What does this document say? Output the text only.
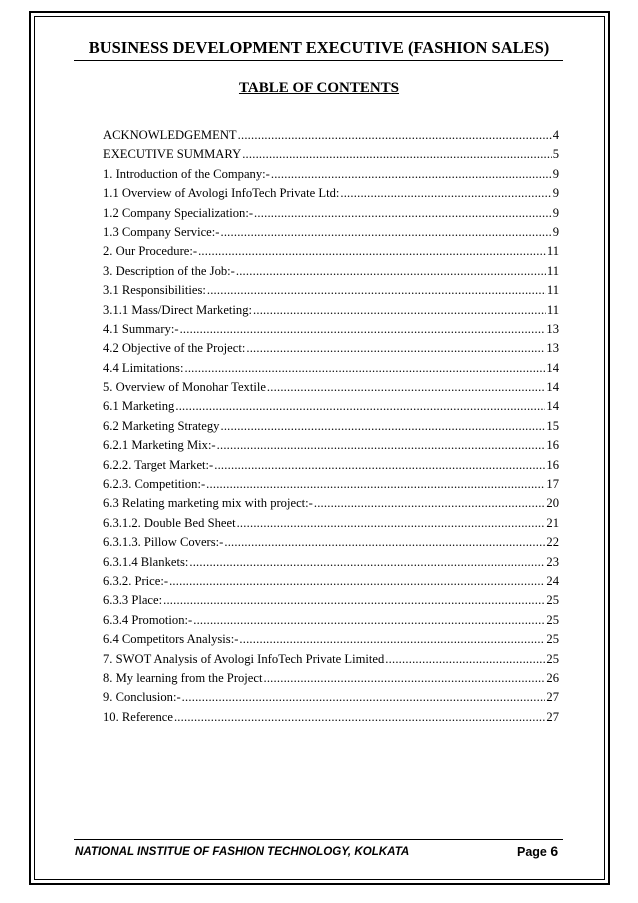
BUSINESS DEVELOPMENT EXECUTIVE (FASHION SALES)
TABLE OF CONTENTS
ACKNOWLEDGEMENT .....	4
EXECUTIVE SUMMARY .....	5
1. Introduction of the Company:- .....	9
1.1 Overview of Avologi InfoTech Private Ltd: .....	9
1.2 Company Specialization:- .....	9
1.3 Company Service:- .....	9
2. Our Procedure:- .....	11
3. Description of the Job:- .....	11
3.1 Responsibilities: .....	11
3.1.1 Mass/Direct Marketing: .....	11
4.1 Summary:- .....	13
4.2 Objective of the Project: .....	13
4.4 Limitations: .....	14
5. Overview of Monohar Textile .....	14
6.1 Marketing .....	14
6.2 Marketing Strategy .....	15
6.2.1 Marketing Mix:- .....	16
6.2.2. Target Market:- .....	16
6.2.3. Competition:- .....	17
6.3 Relating marketing mix with project:- .....	20
6.3.1.2. Double Bed Sheet .....	21
6.3.1.3. Pillow Covers:- .....	22
6.3.1.4 Blankets: .....	23
6.3.2. Price:- .....	24
6.3.3 Place: .....	25
6.3.4 Promotion:- .....	25
6.4 Competitors Analysis:- .....	25
7. SWOT Analysis of Avologi InfoTech Private Limited .....	25
8. My learning from the Project .....	26
9. Conclusion:- .....	27
10. Reference .....	27
NATIONAL INSTITUE OF FASHION TECHNOLOGY, KOLKATA	Page 6
